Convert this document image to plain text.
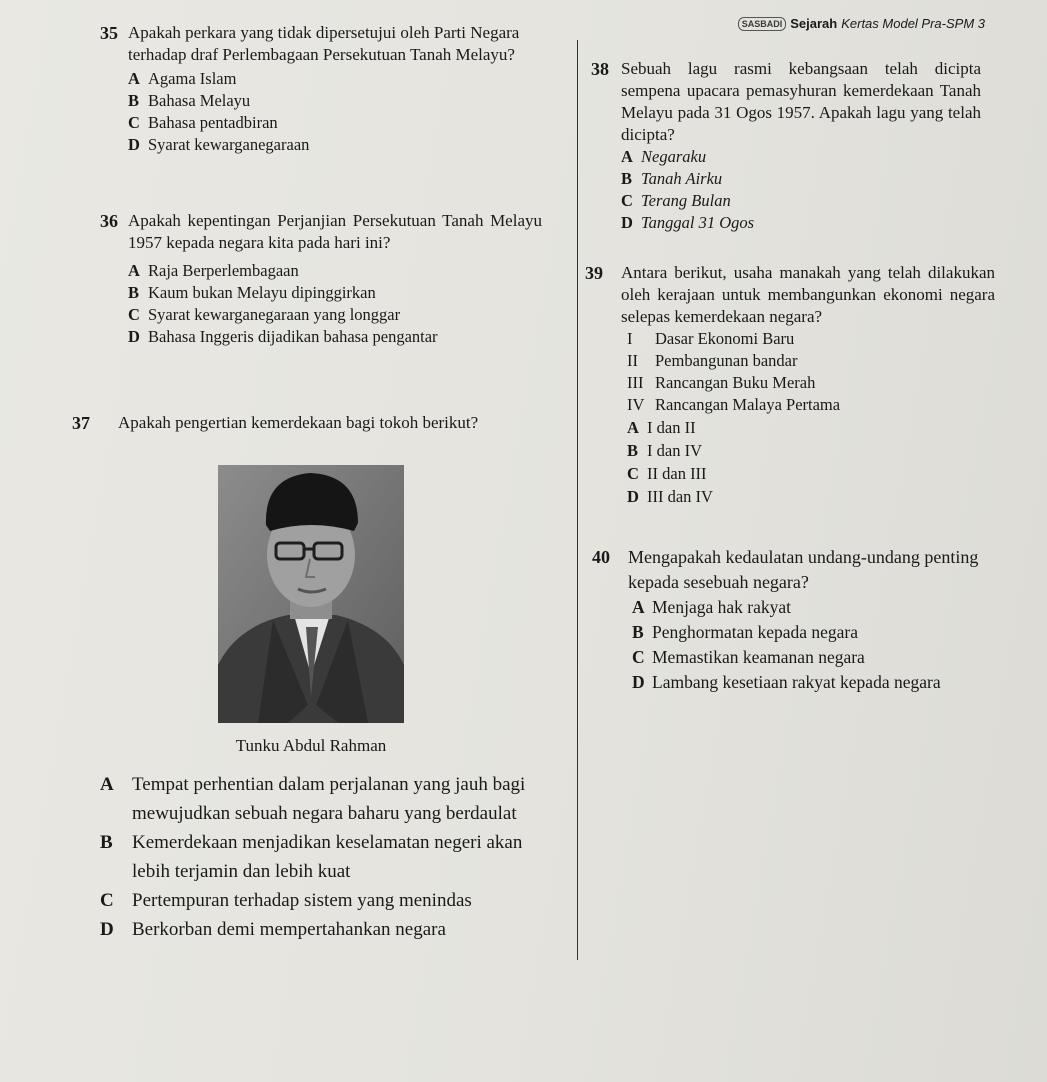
SASBADI Sejarah Kertas Model Pra-SPM 3
35 Apakah perkara yang tidak dipersetujui oleh Parti Negara terhadap draf Perlembagaan Persekutuan Tanah Melayu?
A Agama Islam
B Bahasa Melayu
C Bahasa pentadbiran
D Syarat kewarganegaraan
36 Apakah kepentingan Perjanjian Persekutuan Tanah Melayu 1957 kepada negara kita pada hari ini?
A Raja Berperlembagaan
B Kaum bukan Melayu dipinggirkan
C Syarat kewarganegaraan yang longgar
D Bahasa Inggeris dijadikan bahasa pengantar
37	Apakah pengertian kemerdekaan bagi tokoh berikut?
Tunku Abdul Rahman
A Tempat perhentian dalam perjalanan yang jauh bagi mewujudkan sebuah negara baharu yang berdaulat
B	Kemerdekaan menjadikan keselamatan negeri akan lebih terjamin dan lebih kuat
C Pertempuran terhadap sistem yang menindas
D Berkorban demi mempertahankan negara
38 Sebuah lagu rasmi kebangsaan telah dicipta sempena upacara pemasyhuran kemerdekaan Tanah Melayu pada 31 Ogos 1957. Apakah lagu yang telah dicipta?
A Negaraku
B Tanah Airku
C Terang Bulan
D Tanggal 31 Ogos
39	Antara berikut, usaha manakah yang telah dilakukan oleh kerajaan untuk membangunkan ekonomi negara selepas kemerdekaan negara?
I	Dasar Ekonomi Baru
II	Pembangunan bandar
III Rancangan Buku Merah
IV Rancangan Malaya Pertama
A I dan II
B I dan IV
C II dan III
D III dan IV
40	Mengapakah kedaulatan undang-undang penting kepada sesebuah negara?
A Menjaga hak rakyat
B Penghormatan kepada negara
C Memastikan keamanan negara
D Lambang kesetiaan rakyat kepada negara
